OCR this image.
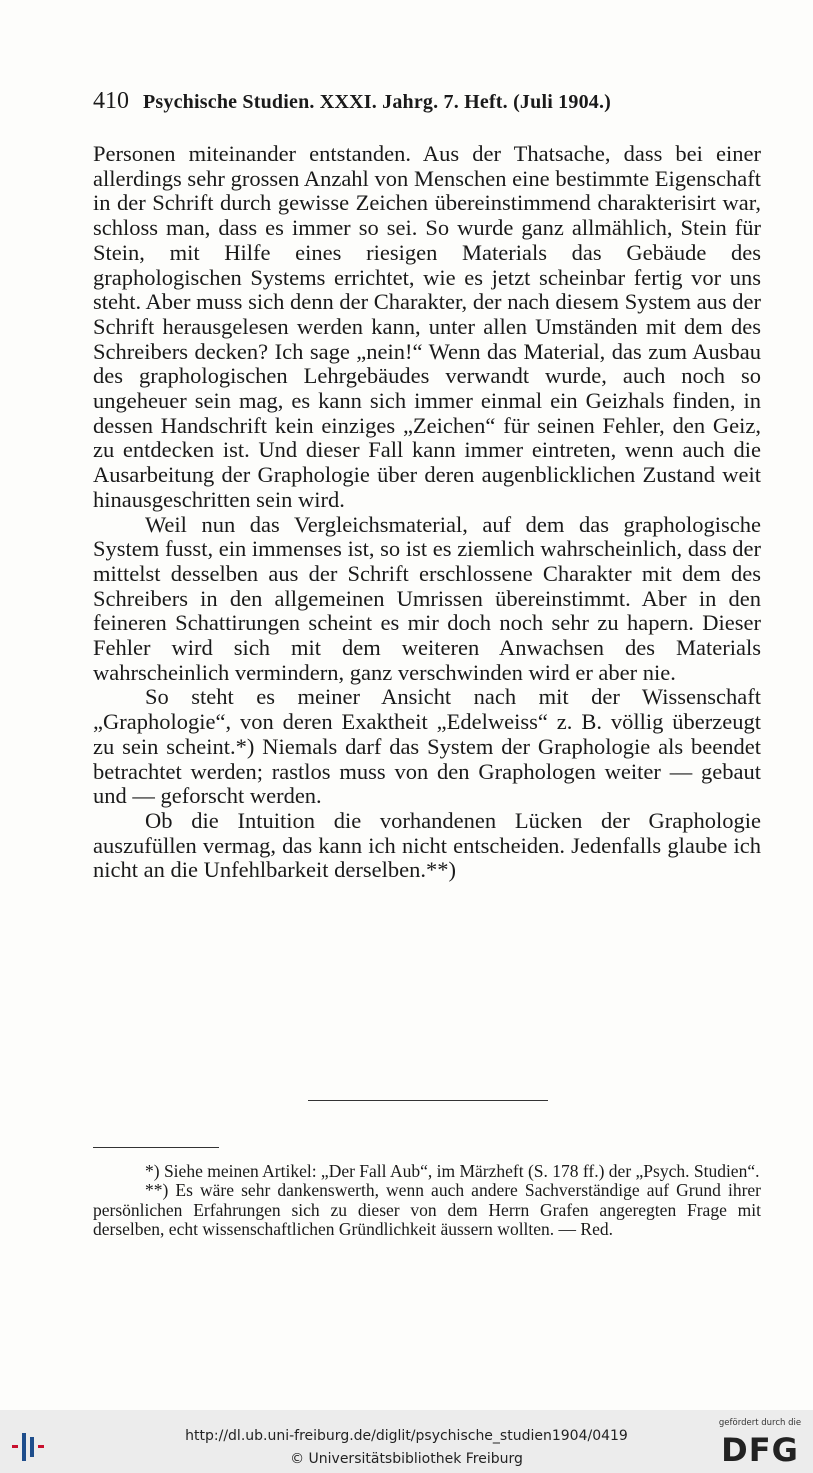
410 Psychische Studien. XXXI. Jahrg. 7. Heft. (Juli 1904.)

Personen miteinander entstanden. Aus der Thatsache, dass bei einer allerdings sehr grossen Anzahl von Menschen eine bestimmte Eigenschaft in der Schrift durch gewisse Zeichen übereinstimmend charakterisirt war, schloss man, dass es immer so sei. So wurde ganz allmählich, Stein für Stein, mit Hilfe eines riesigen Materials das Gebäude des graphologischen Systems errichtet, wie es jetzt scheinbar fertig vor uns steht. Aber muss sich denn der Charakter, der nach diesem System aus der Schrift herausgelesen werden kann, unter allen Umständen mit dem des Schreibers decken? Ich sage „nein!“ Wenn das Material, das zum Ausbau des graphologischen Lehrgebäudes verwandt wurde, auch noch so ungeheuer sein mag, es kann sich immer einmal ein Geizhals finden, in dessen Handschrift kein einziges „Zeichen“ für seinen Fehler, den Geiz, zu entdecken ist. Und dieser Fall kann immer eintreten, wenn auch die Ausarbeitung der Graphologie über deren augenblicklichen Zustand weit hinausgeschritten sein wird.

Weil nun das Vergleichsmaterial, auf dem das graphologische System fusst, ein immenses ist, so ist es ziemlich wahrscheinlich, dass der mittelst desselben aus der Schrift erschlossene Charakter mit dem des Schreibers in den allgemeinen Umrissen übereinstimmt. Aber in den feineren Schattirungen scheint es mir doch noch sehr zu hapern. Dieser Fehler wird sich mit dem weiteren Anwachsen des Materials wahrscheinlich vermindern, ganz verschwinden wird er aber nie.

So steht es meiner Ansicht nach mit der Wissenschaft „Graphologie“, von deren Exaktheit „Edelweiss“ z. B. völlig überzeugt zu sein scheint.*) Niemals darf das System der Graphologie als beendet betrachtet werden; rastlos muss von den Graphologen weiter — gebaut und — geforscht werden.

Ob die Intuition die vorhandenen Lücken der Graphologie auszufüllen vermag, das kann ich nicht entscheiden. Jedenfalls glaube ich nicht an die Unfehlbarkeit derselben.**)

*) Siehe meinen Artikel: „Der Fall Aub“, im Märzheft (S. 178 ff.) der „Psych. Studien“.

**) Es wäre sehr dankenswerth, wenn auch andere Sachverständige auf Grund ihrer persönlichen Erfahrungen sich zu dieser von dem Herrn Grafen angeregten Frage mit derselben, echt wissenschaftlichen Gründlichkeit äussern wollten. — Red.

http://dl.ub.uni-freiburg.de/diglit/psychische_studien1904/0419
© Universitätsbibliothek Freiburg
gefördert durch die
DFG
